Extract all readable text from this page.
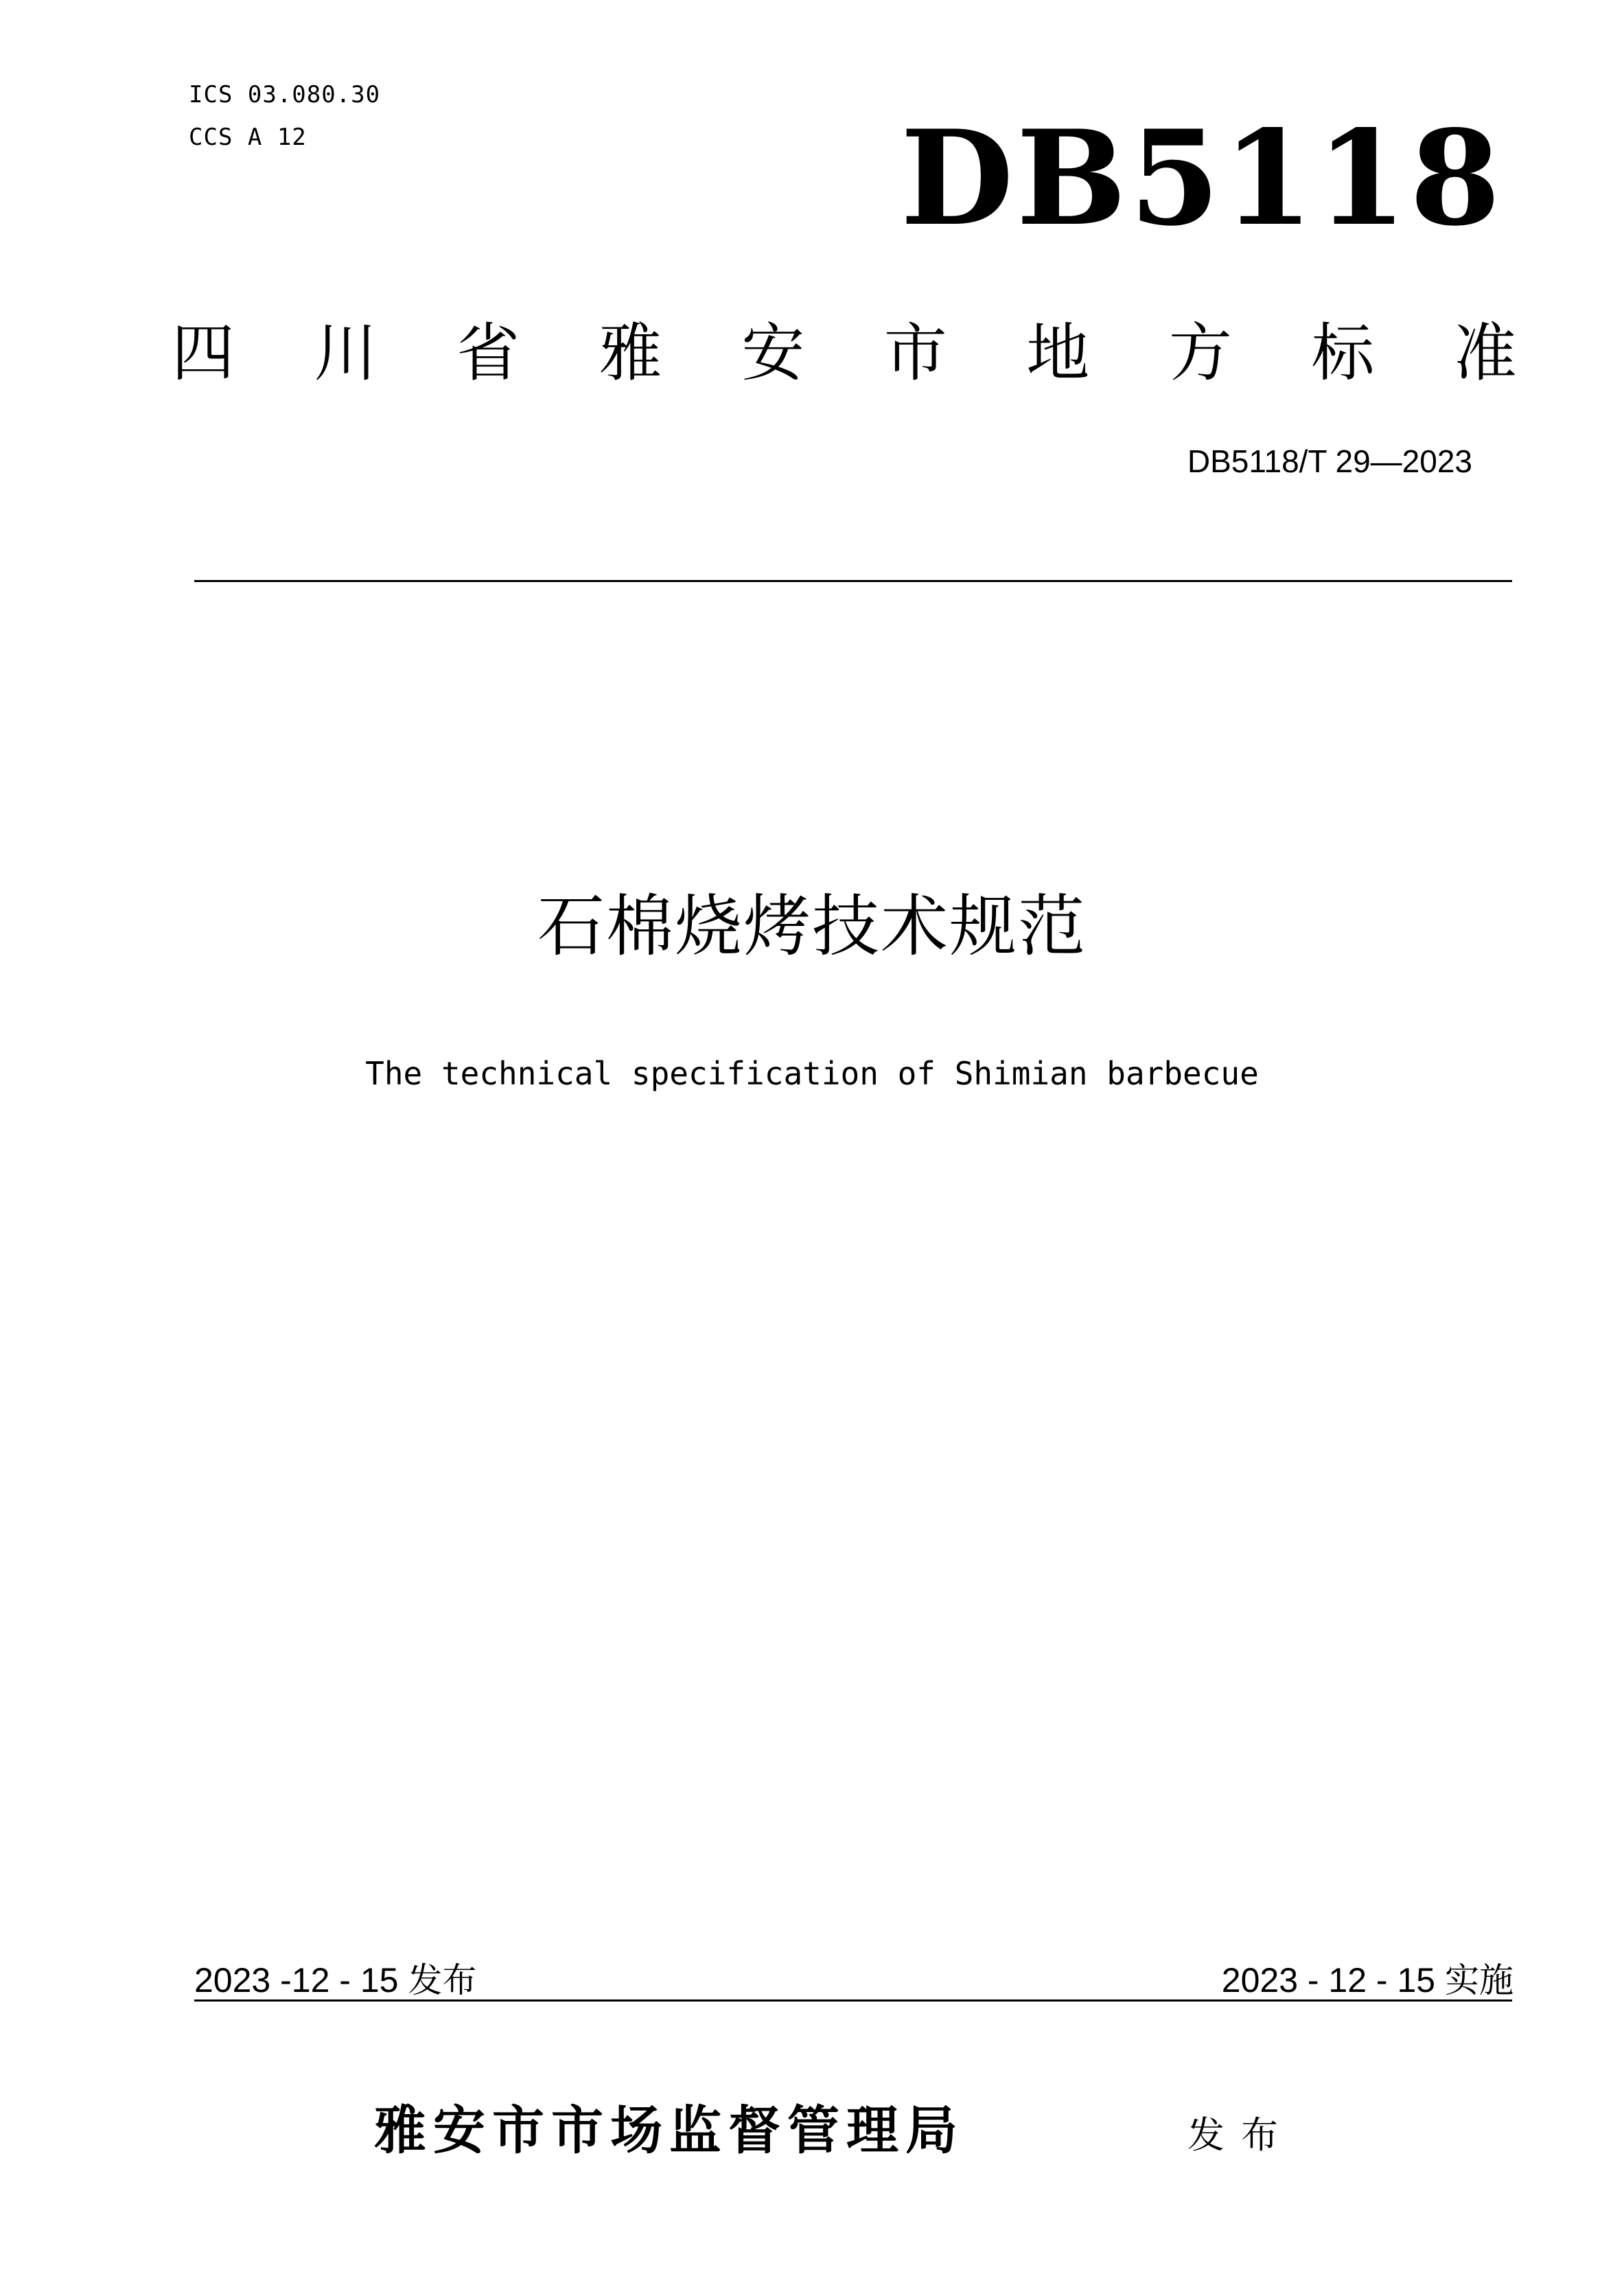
ICS 03.080.30
CCS A 12	DB5118
四 川 省 雅 安 市 地 方 标 准
DB5118/T 29—2023
石棉烧烤技术规范
The technical specification of Shimian barbecue
2023 -12 - 15 发布	2023 - 12 - 15 实施
雅安市市场监督管理局	发布
